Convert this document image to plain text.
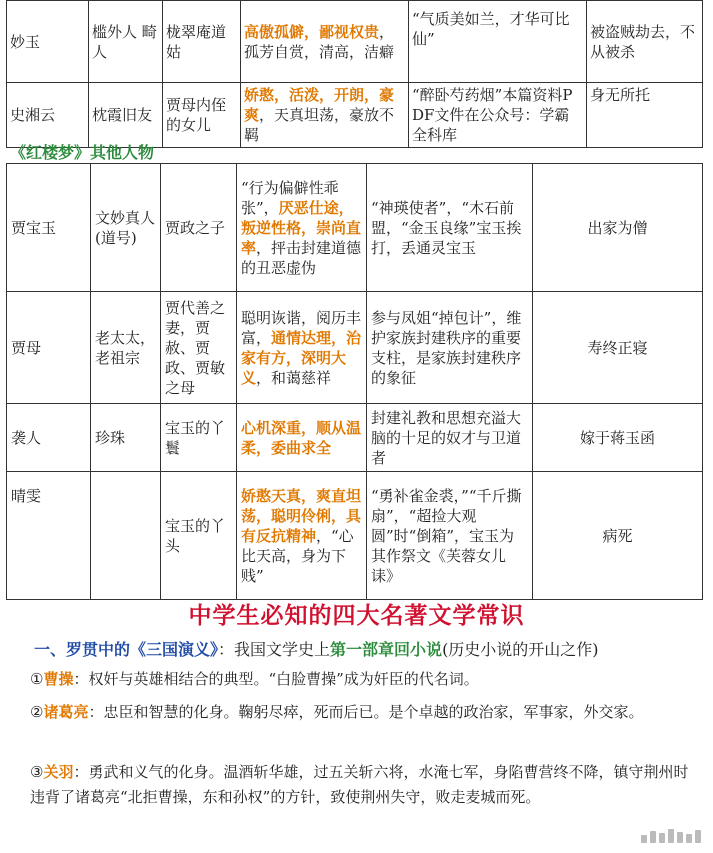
妙玉	槛外人 畸人	栊翠庵道姑	高傲孤僻，鄙视权贵，孤芳自赏，清高，洁癖	“气质美如兰，才华可比仙”	被盗贼劫去，不从被杀
史湘云	枕霞旧友	贾母内侄的女儿	娇憨，活泼，开朗，豪爽，天真坦荡，豪放不羁	“醉卧芍药烟”本篇资料PDF文件在公众号：学霸全科库	身无所托
《红楼梦》其他人物
贾宝玉	文妙真人(道号)	贾政之子	“行为偏僻性乖张”，厌恶仕途，叛逆性格，崇尚直率，抨击封建道德的丑恶虚伪	“神瑛使者”，“木石前盟，“金玉良缘”宝玉挨打，丢通灵宝玉	出家为僧
贾母	老太太，老祖宗	贾代善之妻，贾赦、贾政、贾敏之母	聪明诙谐，阅历丰富，通情达理，治家有方，深明大义，和蔼慈祥	参与凤姐“掉包计”，维护家族封建秩序的重要支柱，是家族封建秩序的象征	寿终正寝
袭人	珍珠	宝玉的丫鬟	心机深重，顺从温柔，委曲求全	封建礼教和思想充溢大脑的十足的奴才与卫道者	嫁于蒋玉函
晴雯		宝玉的丫头	娇憨天真，爽直坦荡，聪明伶俐，具有反抗精神，“心比天高，身为下贱”	“勇补雀金裘，”“千斤撕扇”，“超捡大观圆”时“倒箱”，宝玉为其作祭文《芙蓉女儿诔》	病死
中学生必知的四大名著文学常识
一、罗贯中的《三国演义》：我国文学史上第一部章回小说(历史小说的开山之作)
①曹操：权奸与英雄相结合的典型。“白脸曹操”成为奸臣的代名词。
②诸葛亮：忠臣和智慧的化身。鞠躬尽瘁，死而后已。是个卓越的政治家，军事家，外交家。
③关羽：勇武和义气的化身。温酒斩华雄，过五关斩六将，水淹七军，身陷曹营终不降，镇守荆州时违背了诸葛亮“北拒曹操，东和孙权”的方针，致使荆州失守，败走麦城而死。
